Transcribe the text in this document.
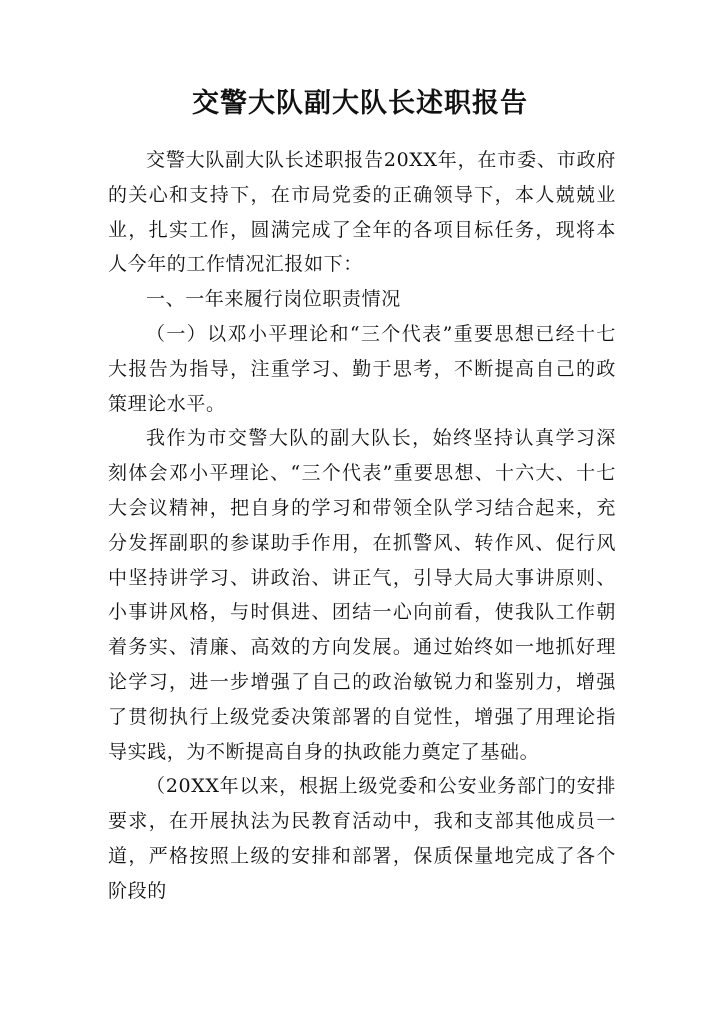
交警大队副大队长述职报告

交警大队副大队长述职报告20XX年，在市委、市政府的关心和支持下，在市局党委的正确领导下，本人兢兢业业，扎实工作，圆满完成了全年的各项目标任务，现将本人今年的工作情况汇报如下：

一、一年来履行岗位职责情况

（一）以邓小平理论和“三个代表”重要思想已经十七大报告为指导，注重学习、勤于思考，不断提高自己的政策理论水平。

我作为市交警大队的副大队长，始终坚持认真学习深刻体会邓小平理论、“三个代表”重要思想、十六大、十七大会议精神，把自身的学习和带领全队学习结合起来，充分发挥副职的参谋助手作用，在抓警风、转作风、促行风中坚持讲学习、讲政治、讲正气，引导大局大事讲原则、小事讲风格，与时俱进、团结一心向前看，使我队工作朝着务实、清廉、高效的方向发展。通过始终如一地抓好理论学习，进一步增强了自己的政治敏锐力和鉴别力，增强了贯彻执行上级党委决策部署的自觉性，增强了用理论指导实践，为不断提高自身的执政能力奠定了基础。

（20XX年以来，根据上级党委和公安业务部门的安排要求，在开展执法为民教育活动中，我和支部其他成员一道，严格按照上级的安排和部署，保质保量地完成了各个阶段的
